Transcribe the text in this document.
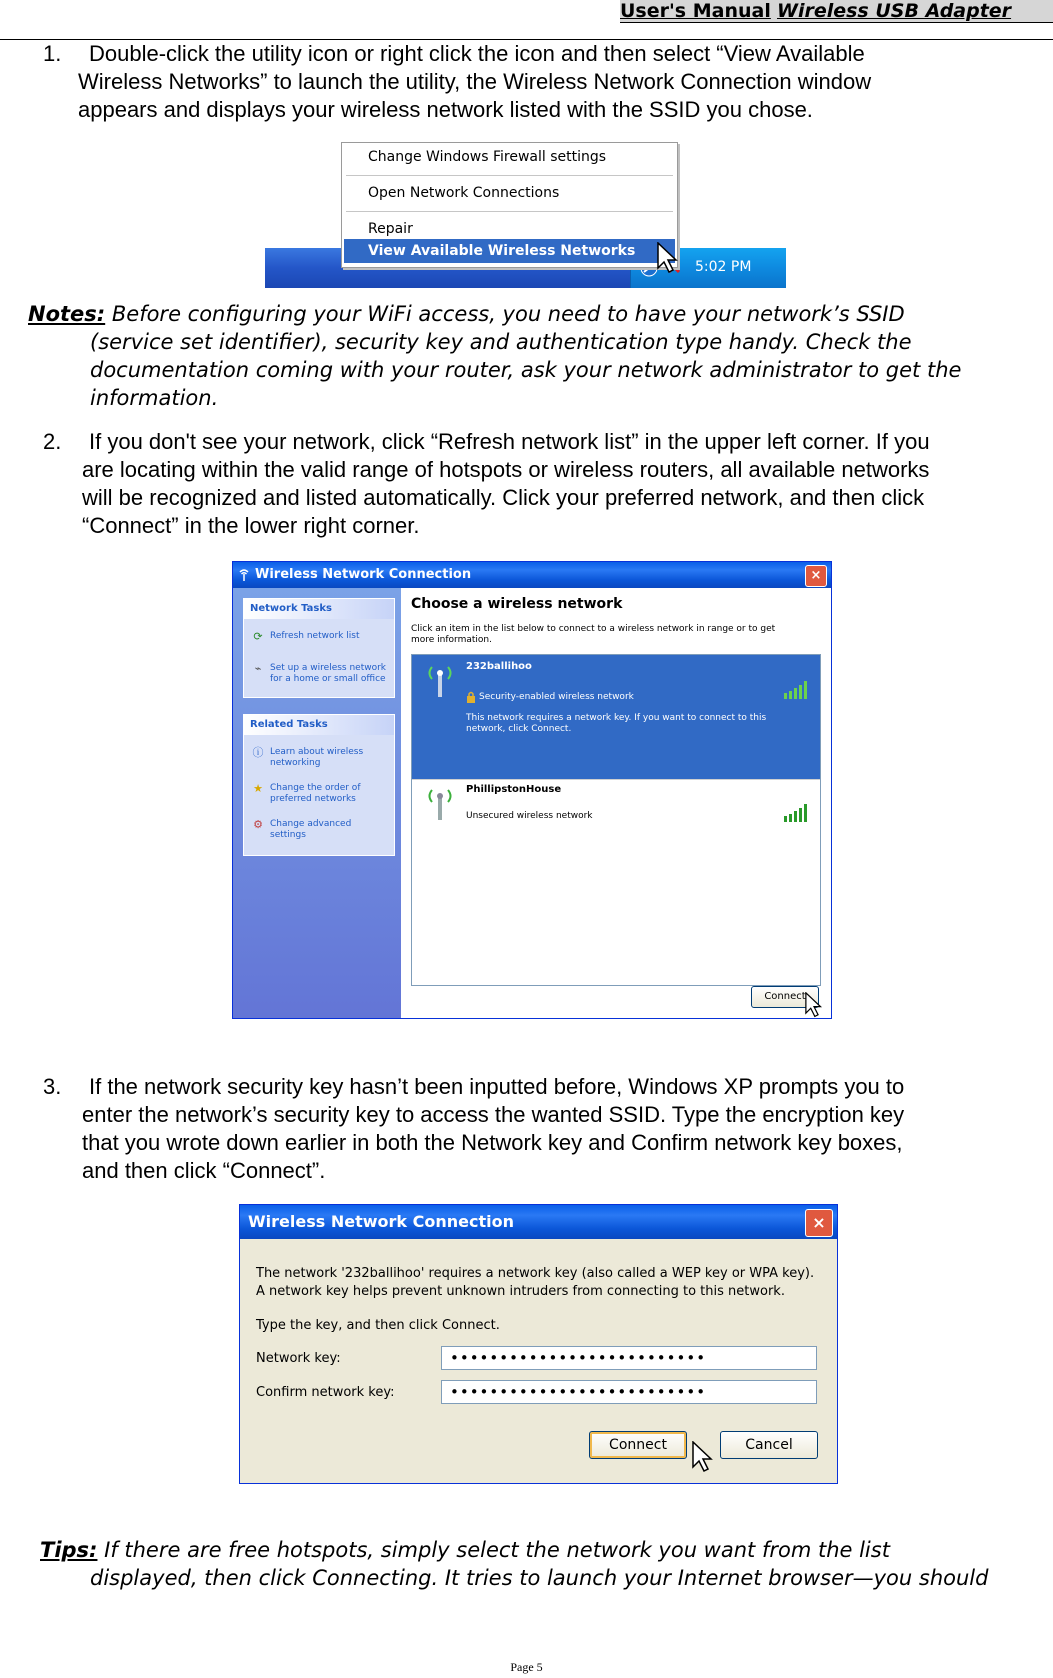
User's Manual Wireless USB Adapter
1.	Double-click the utility icon or right click the icon and then select “View Available
Wireless Networks” to launch the utility, the Wireless Network Connection window
appears and displays your wireless network listed with the SSID you chose.
5:02 PM
Change Windows Firewall settings
Open Network Connections
Repair
View Available Wireless Networks
Notes: Before configuring your WiFi access, you need to have your network’s SSID
(service set identifier), security key and authentication type handy. Check the
documentation coming with your router, ask your network administrator to get the
information.
2.	If you don't see your network, click “Refresh network list” in the upper left corner. If you
are locating within the valid range of hotspots or wireless routers, all available networks
will be recognized and listed automatically. Click your preferred network, and then click
“Connect” in the lower right corner.
Wireless Network Connection	×
Network Tasks
⟳ Refresh network list
⌁ Set up a wireless network for a home or small office
Related Tasks
ⓘ Learn about wireless networking
★ Change the order of preferred networks
⚙ Change advanced settings
Choose a wireless network
Click an item in the list below to connect to a wireless network in range or to get more information.
232ballihoo
Security-enabled wireless network
This network requires a network key. If you want to connect to this network, click Connect.
PhillipstonHouse
Unsecured wireless network
Connect
3.	If the network security key hasn’t been inputted before, Windows XP prompts you to
enter the network’s security key to access the wanted SSID. Type the encryption key
that you wrote down earlier in both the Network key and Confirm network key boxes,
and then click “Connect”.
Wireless Network Connection	×
The network '232ballihoo' requires a network key (also called a WEP key or WPA key). A network key helps prevent unknown intruders from connecting to this network.
Type the key, and then click Connect.
Network key:	••••••••••••••••••••••••••
Confirm network key:	••••••••••••••••••••••••••
Connect	Cancel
Tips: If there are free hotspots, simply select the network you want from the list
displayed, then click Connecting. It tries to launch your Internet browser—you should
Page 5
